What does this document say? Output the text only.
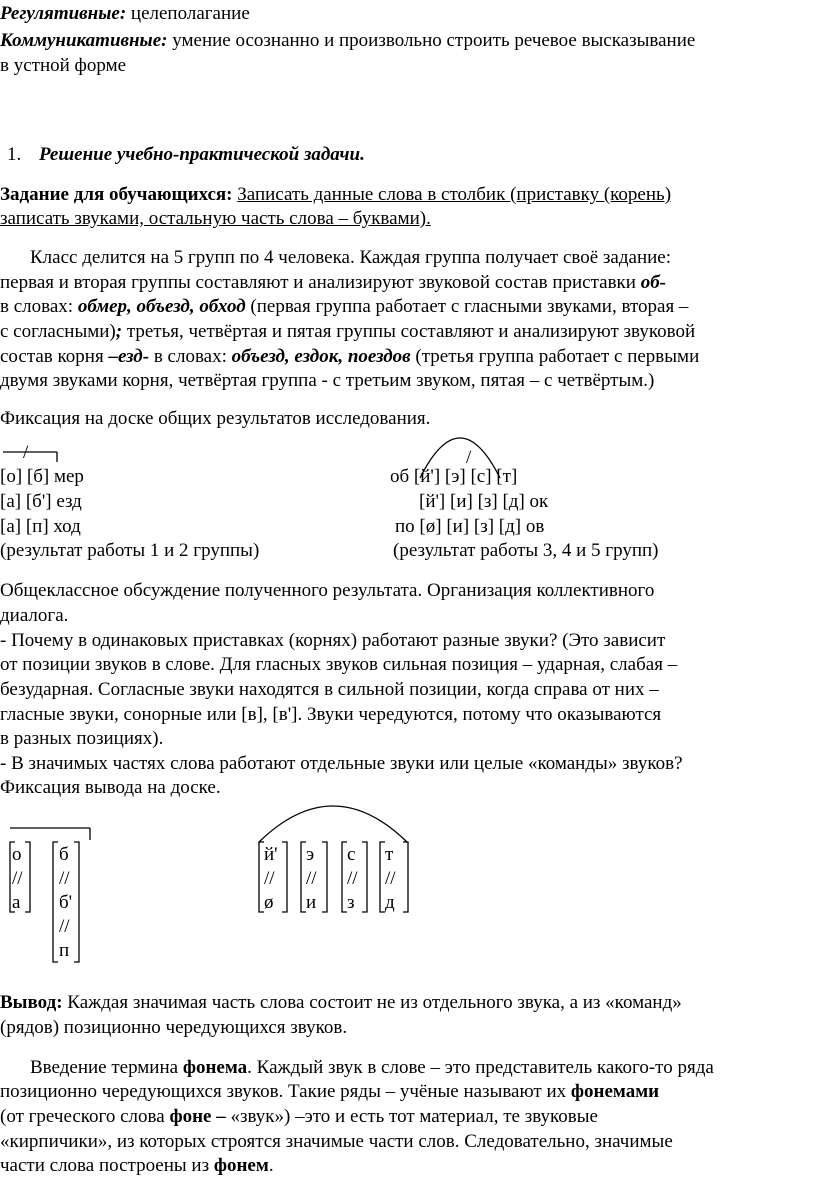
Регулятивные: целеполагание
Коммуникативные: умение осознанно и произвольно строить речевое высказывание
в устной форме
1. Решение учебно-практической задачи.
Задание для обучающихся: Записать данные слова в столбик (приставку (корень)
записать звуками, остальную часть слова – буквами).
Класс делится на 5 групп по 4 человека. Каждая группа получает своё задание:
первая и вторая группы составляют и анализируют звуковой состав приставки об-
в словах: обмер, объезд, обход (первая группа работает с гласными звуками, вторая –
с согласными); третья, четвёртая и пятая группы составляют и анализируют звуковой
состав корня –езд- в словах: объезд, ездок, поездов (третья группа работает с первыми
двумя звуками корня, четвёртая группа - с третьим звуком, пятая – с четвёртым.)
Фиксация на доске общих результатов исследования.
[о] [б] мер
[а] [б'] езд
[а] [п] ход
(результат работы 1 и 2 группы)
об [й'] [э] [с] [т]
[й'] [и] [з] [д] ок
по [ø] [и] [з] [д] ов
(результат работы 3, 4 и 5 групп)
/	/
Общеклассное обсуждение полученного результата. Организация коллективного
диалога.
- Почему в одинаковых приставках (корнях) работают разные звуки? (Это зависит
от позиции звуков в слове. Для гласных звуков сильная позиция – ударная, слабая –
безударная. Согласные звуки находятся в сильной позиции, когда справа от них –
гласные звуки, сонорные или [в], [в']. Звуки чередуются, потому что оказываются
в разных позициях).
- В значимых частях слова работают отдельные звуки или целые «команды» звуков?
Фиксация вывода на доске.
о
//
а
б
//
б'
//
п
й'
//
ø
э
//
и
с
//
з
т
//
д
Вывод: Каждая значимая часть слова состоит не из отдельного звука, а из «команд»
(рядов) позиционно чередующихся звуков.
Введение термина фонема. Каждый звук в слове – это представитель какого-то ряда
позиционно чередующихся звуков. Такие ряды – учёные называют их фонемами
(от греческого слова фоне – «звук») –это и есть тот материал, те звуковые
«кирпичики», из которых строятся значимые части слов. Следовательно, значимые
части слова построены из фонем.
